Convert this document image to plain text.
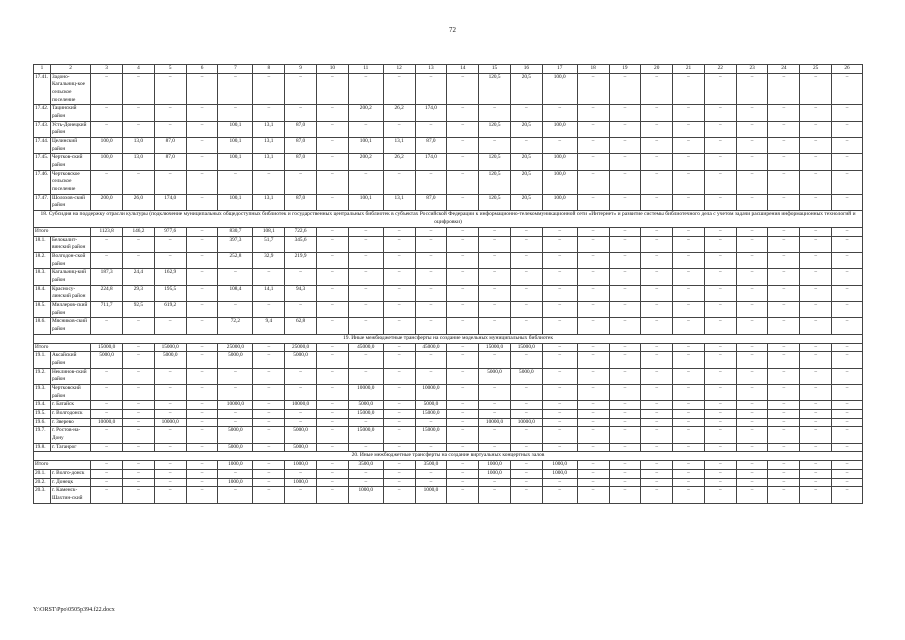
72
1	2	3	4	5	6	7	8	9	10	11	12	13	14	15	16	17	18	19	20	21	22	23	24	25	26
17.41.	Задоно-Кагальниц-кое сельское поселение	–	–	–	–	–	–	–	–	–	–	–	–	120,5	20,5	100,0	–	–	–	–	–	–	–	–	–
17.42.	Тацинский район	–	–	–	–	–	–	–	–	200,2	26,2	174,0	–	–	–	–	–	–	–	–	–	–	–	–	–
17.43.	Усть-Донецкий район	–	–	–	–	100,1	13,1	87,0	–	–	–	–	–	120,5	20,5	100,0	–	–	–	–	–	–	–	–	–
17.44.	Целинский район	100,0	13,0	87,0	–	100,1	13,1	87,0	–	100,1	13,1	87,0	–	–	–	–	–	–	–	–	–	–	–	–	–
17.45.	Чертков-ский район	100,0	13,0	87,0	–	100,1	13,1	87,0	–	200,2	26,2	174,0	–	120,5	20,5	100,0	–	–	–	–	–	–	–	–	–
17.46.	Чертковское сельское поселение	–	–	–	–	–	–	–	–	–	–	–	–	120,5	20,5	100,0	–	–	–	–	–	–	–	–	–
17.47.	Шолохов-ский район	200,0	26,0	174,0	–	100,1	13,1	87,0	–	100,1	13,1	87,0	–	120,5	20,5	100,0	–	–	–	–	–	–	–	–	–
18. Субсидия на поддержку отрасли культуры (подключение муниципальных общедоступных библиотек и государственных центральных библиотек в субъектах Российской Федерации к информационно-телекоммуникационной сети «Интернет» и развитие системы библиотечного дела с учетом задачи расширения информационных технологий и оцифровки)																									
Итого		1123,8	146,2	977,6	–	830,7	108,1	722,6	–	–	–	–	–	–	–	–	–	–	–	–	–	–	–	–	–
18.1.	Белокалит-винский район	–	–	–	–	397,3	51,7	345,6	–	–	–	–	–	–	–	–	–	–	–	–	–	–	–	–	–
18.2.	Волгодон-ской район	–	–	–	–	252,8	32,9	219,9	–	–	–	–	–	–	–	–	–	–	–	–	–	–	–	–	–
18.3.	Кагальниц-кий район	187,3	24,4	162,9	–	–	–	–	–	–	–	–	–	–	–	–	–	–	–	–	–	–	–	–	–
18.4.	Красносу-линский район	224,8	29,3	195,5	–	108,4	14,1	94,3	–	–	–	–	–	–	–	–	–	–	–	–	–	–	–	–	–
18.5.	Миллеров-ский район	711,7	92,5	619,2	–	–	–	–	–	–	–	–	–	–	–	–	–	–	–	–	–	–	–	–	–
18.6.	Мясников-ский район	–	–	–	–	72,2	9,4	62,8	–	–	–	–	–	–	–	–	–	–	–	–	–	–	–	–	–
19. Иные межбюджетные трансферты на создание модельных муниципальных библиотек																									
Итого		15000,0	–	15000,0	–	25000,0	–	25000,0	–	45000,0	–	45000,0	–	15000,0	15000,0	–	–	–	–	–	–	–	–	–	–
19.1.	Аксайский район	5000,0	–	5000,0	–	5000,0	–	5000,0	–	–	–	–	–	–	–	–	–	–	–	–	–	–	–	–	–
19.2.	Неклинов-ский район	–	–	–	–	–	–	–	–	–	–	–	–	5000,0	5000,0	–	–	–	–	–	–	–	–	–	–
19.3.	Чертковский район	–	–	–	–	–	–	–	–	10000,0	–	10000,0	–	–	–	–	–	–	–	–	–	–	–	–	–
19.4.	г. Батайск	–	–	–	–	10000,0	–	10000,0	–	5000,0	–	5000,0	–	–	–	–	–	–	–	–	–	–	–	–	–
19.5.	г. Волгодонск	–	–	–	–	–	–	–	–	15000,0	–	15000,0	–	–	–	–	–	–	–	–	–	–	–	–	–
19.6.	г. Зверево	10000,0	–	10000,0	–	–	–	–	–	–	–	–	–	10000,0	10000,0	–	–	–	–	–	–	–	–	–	–
19.7.	г. Ростов-на-Дону	–	–	–	–	5000,0	–	5000,0	–	15000,0	–	15000,0	–	–	–	–	–	–	–	–	–	–	–	–	–
19.8.	г. Таганрог	–	–	–	–	5000,0	–	5000,0	–	–	–	–	–	–	–	–	–	–	–	–	–	–	–	–	–
20. Иные межбюджетные трансферты на создание виртуальных концертных залов																									
Итого		–	–	–	–	1000,0	–	1000,0	–	3500,0	–	3500,0	–	1000,0	–	1000,0	–	–	–	–	–	–	–	–	–
20.1.	г. Волго-донск	–	–	–	–	–	–	–	–	–	–	–	–	1000,0	–	1000,0	–	–	–	–	–	–	–	–	–
20.2.	г. Донецк	–	–	–	–	1000,0	–	1000,0	–	–	–	–	–	–	–	–	–	–	–	–	–	–	–	–	–
20.3.	г. Каменск-Шахтин-ский	–	–	–	–	–	–	–	–	1000,0	–	1000,0	–	–	–	–	–	–	–	–	–	–	–	–	–
Y:\ORST\Ppo\0505p394.f22.docx
